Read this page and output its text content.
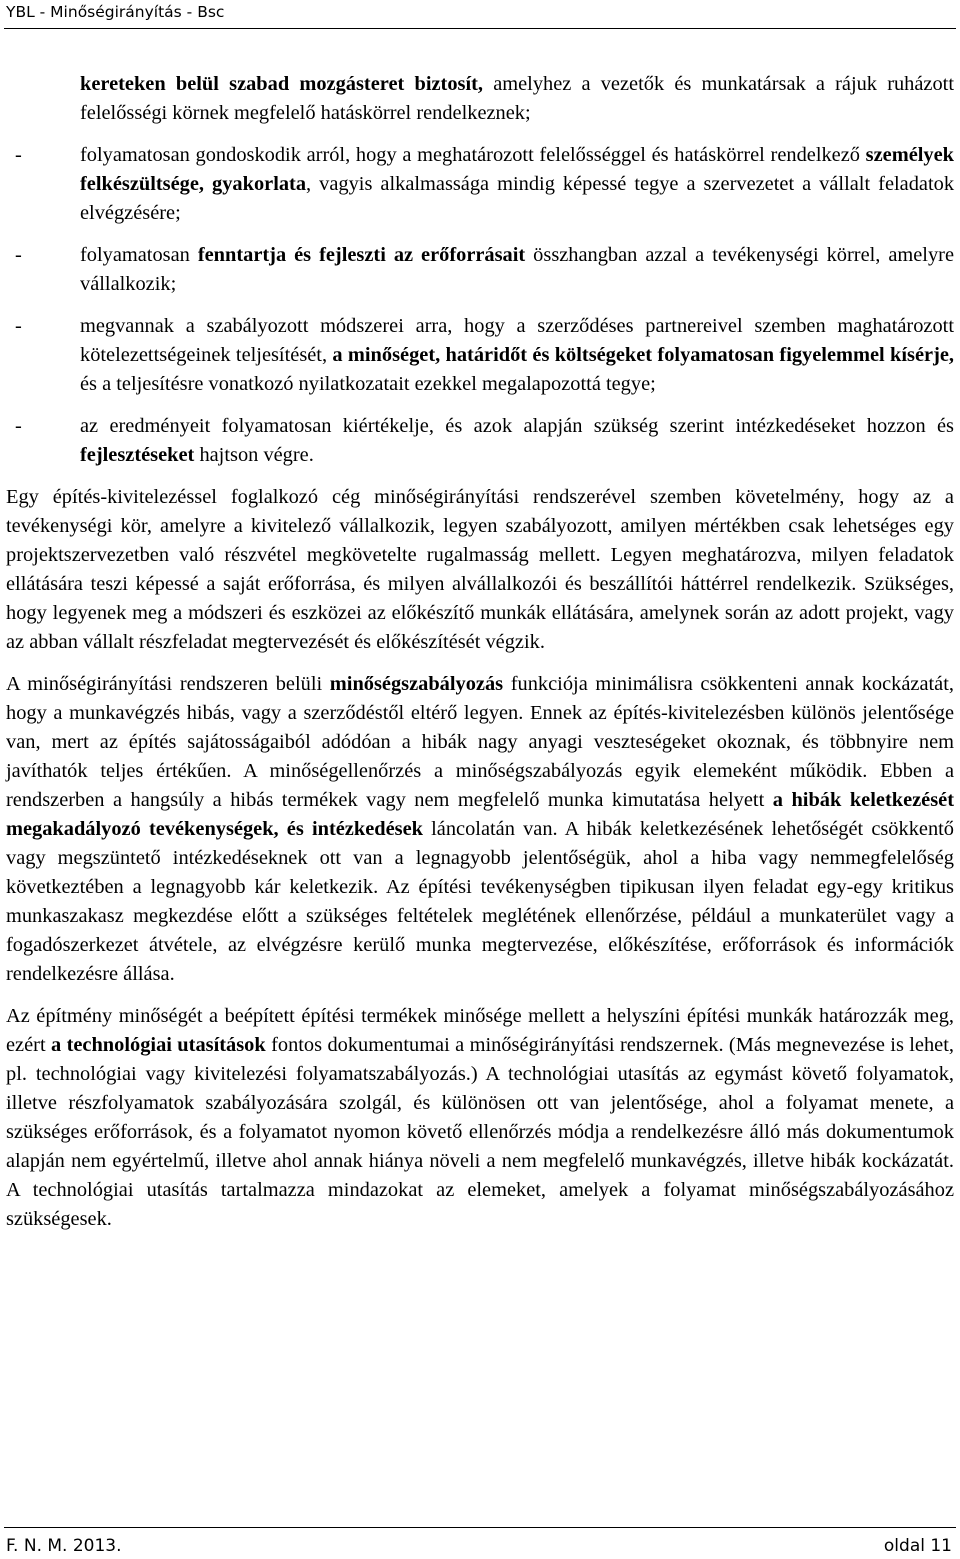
YBL - Minőségirányítás - Bsc
kereteken belül szabad mozgásteret biztosít, amelyhez a vezetők és munkatársak a rájuk ruházott felelősségi körnek megfelelő hatáskörrel rendelkeznek;
-	folyamatosan gondoskodik arról, hogy a meghatározott felelősséggel és hatáskörrel rendelkező személyek felkészültsége, gyakorlata, vagyis alkalmassága mindig képessé tegye a szervezetet a vállalt feladatok elvégzésére;
-	folyamatosan fenntartja és fejleszti az erőforrásait összhangban azzal a tevékenységi körrel, amelyre vállalkozik;
-	megvannak a szabályozott módszerei arra, hogy a szerződéses partnereivel szemben maghatározott kötelezettségeinek teljesítését, a minőséget, határidőt és költségeket folyamatosan figyelemmel kísérje, és a teljesítésre vonatkozó nyilatkozatait ezekkel megalapozottá tegye;
-	az eredményeit folyamatosan kiértékelje, és azok alapján szükség szerint intézkedéseket hozzon és fejlesztéseket hajtson végre.

Egy építés-kivitelezéssel foglalkozó cég minőségirányítási rendszerével szemben követelmény, hogy az a tevékenységi kör, amelyre a kivitelező vállalkozik, legyen szabályozott, amilyen mértékben csak lehetséges egy projektszervezetben való részvétel megkövetelte rugalmasság mellett. Legyen meghatározva, milyen feladatok ellátására teszi képessé a saját erőforrása, és milyen alvállalkozói és beszállítói háttérrel rendelkezik. Szükséges, hogy legyenek meg a módszeri és eszközei az előkészítő munkák ellátására, amelynek során az adott projekt, vagy az abban vállalt részfeladat megtervezését és előkészítését végzik.

A minőségirányítási rendszeren belüli minőségszabályozás funkciója minimálisra csökkenteni annak kockázatát, hogy a munkavégzés hibás, vagy a szerződéstől eltérő legyen. Ennek az építés-kivitelezésben különös jelentősége van, mert az építés sajátosságaiból adódóan a hibák nagy anyagi veszteségeket okoznak, és többnyire nem javíthatók teljes értékűen. A minőségellenőrzés a minőségszabályozás egyik elemeként működik. Ebben a rendszerben a hangsúly a hibás termékek vagy nem megfelelő munka kimutatása helyett a hibák keletkezését megakadályozó tevékenységek, és intézkedések láncolatán van. A hibák keletkezésének lehetőségét csökkentő vagy megszüntető intézkedéseknek ott van a legnagyobb jelentőségük, ahol a hiba vagy nemmegfelelőség következtében a legnagyobb kár keletkezik. Az építési tevékenységben tipikusan ilyen feladat egy-egy kritikus munkaszakasz megkezdése előtt a szükséges feltételek meglétének ellenőrzése, például a munkaterület vagy a fogadószerkezet átvétele, az elvégzésre kerülő munka megtervezése, előkészítése, erőforrások és információk rendelkezésre állása.

Az építmény minőségét a beépített építési termékek minősége mellett a helyszíni építési munkák határozzák meg, ezért a technológiai utasítások fontos dokumentumai a minőségirányítási rendszernek. (Más megnevezése is lehet, pl. technológiai vagy kivitelezési folyamatszabályozás.) A technológiai utasítás az egymást követő folyamatok, illetve részfolyamatok szabályozására szolgál, és különösen ott van jelentősége, ahol a folyamat menete, a szükséges erőforrások, és a folyamatot nyomon követő ellenőrzés módja a rendelkezésre álló más dokumentumok alapján nem egyértelmű, illetve ahol annak hiánya növeli a nem megfelelő munkavégzés, illetve hibák kockázatát. A technológiai utasítás tartalmazza mindazokat az elemeket, amelyek a folyamat minőségszabályozásához szükségesek.

F. N. M. 2013.	oldal 11
